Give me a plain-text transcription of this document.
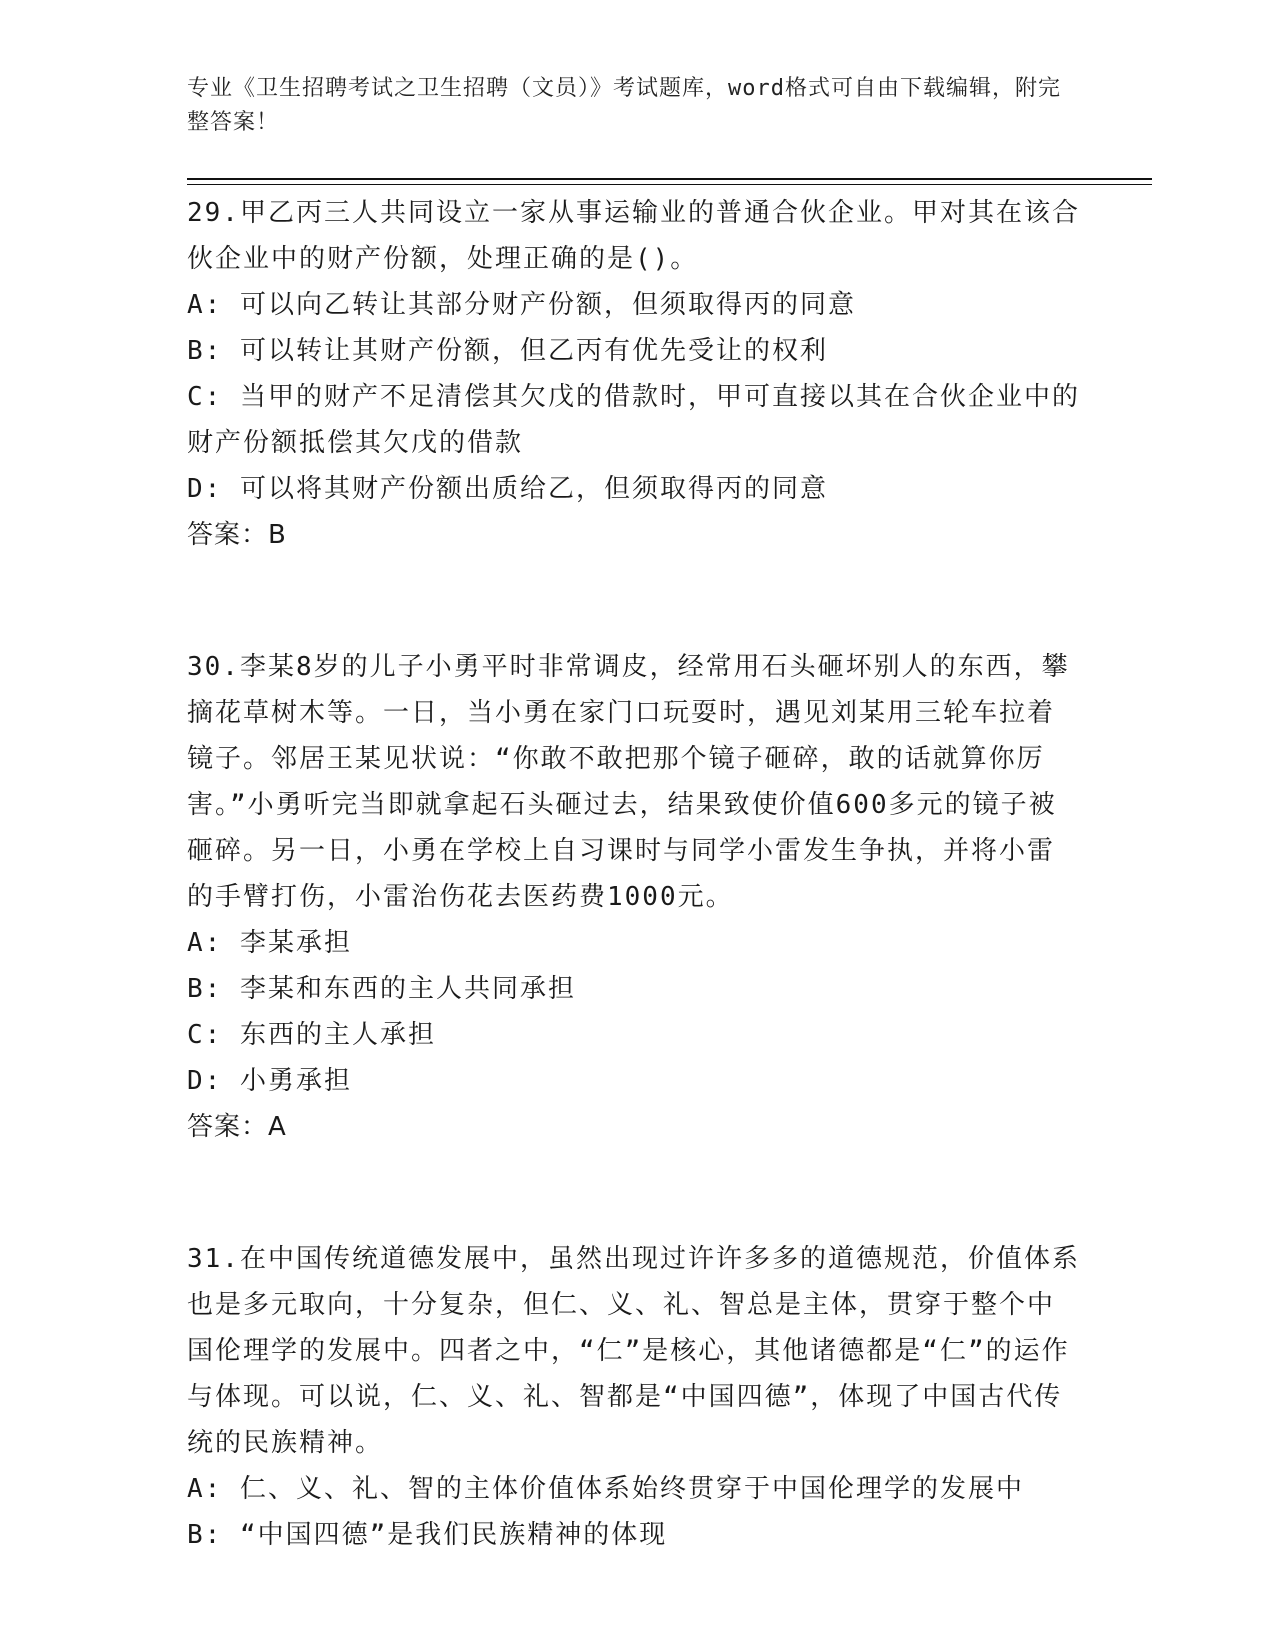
专业《卫生招聘考试之卫生招聘（文员）》考试题库，word格式可自由下载编辑，附完整答案！

29.甲乙丙三人共同设立一家从事运输业的普通合伙企业。甲对其在该合伙企业中的财产份额，处理正确的是()。

A: 可以向乙转让其部分财产份额，但须取得丙的同意

B: 可以转让其财产份额，但乙丙有优先受让的权利

C: 当甲的财产不足清偿其欠戊的借款时，甲可直接以其在合伙企业中的财产份额抵偿其欠戊的借款

D: 可以将其财产份额出质给乙，但须取得丙的同意

答案：B

30.李某8岁的儿子小勇平时非常调皮，经常用石头砸坏别人的东西，攀摘花草树木等。一日，当小勇在家门口玩耍时，遇见刘某用三轮车拉着镜子。邻居王某见状说：“你敢不敢把那个镜子砸碎，敢的话就算你厉害。”小勇听完当即就拿起石头砸过去，结果致使价值600多元的镜子被砸碎。另一日，小勇在学校上自习课时与同学小雷发生争执，并将小雷的手臂打伤，小雷治伤花去医药费1000元。

A: 李某承担

B: 李某和东西的主人共同承担

C: 东西的主人承担

D: 小勇承担

答案：A

31.在中国传统道德发展中，虽然出现过许许多多的道德规范，价值体系也是多元取向，十分复杂，但仁、义、礼、智总是主体，贯穿于整个中国伦理学的发展中。四者之中，“仁”是核心，其他诸德都是“仁”的运作与体现。可以说，仁、义、礼、智都是“中国四德”，体现了中国古代传统的民族精神。

A: 仁、义、礼、智的主体价值体系始终贯穿于中国伦理学的发展中

B: “中国四德”是我们民族精神的体现
